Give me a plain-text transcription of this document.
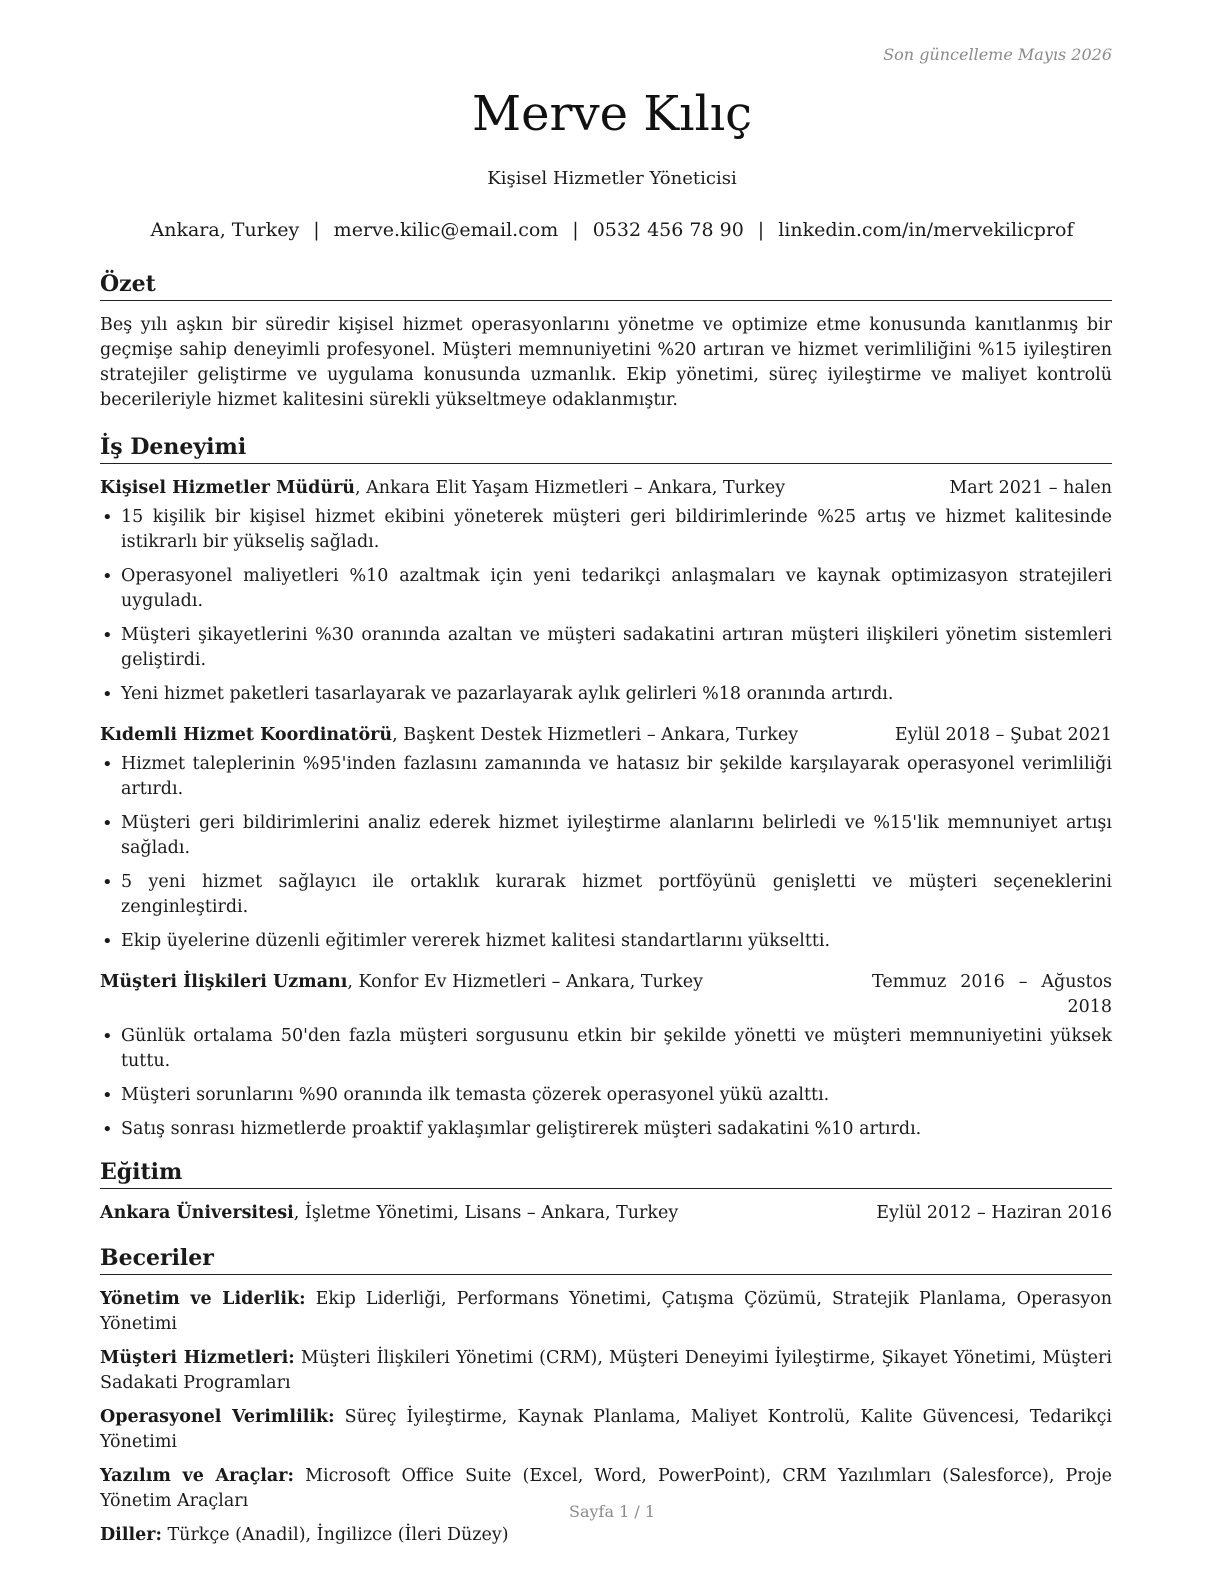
Son güncelleme Mayıs 2026
Merve Kılıç
Kişisel Hizmetler Yöneticisi
Ankara, Turkey | merve.kilic@email.com | 0532 456 78 90 | linkedin.com/in/mervekilicprof
Özet

Beş yılı aşkın bir süredir kişisel hizmet operasyonlarını yönetme ve optimize etme konusunda kanıtlanmış bir geçmişe sahip deneyimli profesyonel. Müşteri memnuniyetini %20 artıran ve hizmet verimliliğini %15 iyileştiren stratejiler geliştirme ve uygulama konusunda uzmanlık. Ekip yönetimi, süreç iyileştirme ve maliyet kontrolü becerileriyle hizmet kalitesini sürekli yükseltmeye odaklanmıştır.

İş Deneyimi
Kişisel Hizmetler Müdürü, Ankara Elit Yaşam Hizmetleri – Ankara, Turkey	Mart 2021 – halen
• 15 kişilik bir kişisel hizmet ekibini yöneterek müşteri geri bildirimlerinde %25 artış ve hizmet kalitesinde istikrarlı bir yükseliş sağladı.
• Operasyonel maliyetleri %10 azaltmak için yeni tedarikçi anlaşmaları ve kaynak optimizasyon stratejileri uyguladı.
• Müşteri şikayetlerini %30 oranında azaltan ve müşteri sadakatini artıran müşteri ilişkileri yönetim sistemleri geliştirdi.
• Yeni hizmet paketleri tasarlayarak ve pazarlayarak aylık gelirleri %18 oranında artırdı.
Kıdemli Hizmet Koordinatörü, Başkent Destek Hizmetleri – Ankara, Turkey	Eylül 2018 – Şubat 2021
• Hizmet taleplerinin %95'inden fazlasını zamanında ve hatasız bir şekilde karşılayarak operasyonel verimliliği artırdı.
• Müşteri geri bildirimlerini analiz ederek hizmet iyileştirme alanlarını belirledi ve %15'lik memnuniyet artışı sağladı.
• 5 yeni hizmet sağlayıcı ile ortaklık kurarak hizmet portföyünü genişletti ve müşteri seçeneklerini zenginleştirdi.
• Ekip üyelerine düzenli eğitimler vererek hizmet kalitesi standartlarını yükseltti.
Müşteri İlişkileri Uzmanı, Konfor Ev Hizmetleri – Ankara, Turkey	Temmuz 2016 – Ağustos 2018
• Günlük ortalama 50'den fazla müşteri sorgusunu etkin bir şekilde yönetti ve müşteri memnuniyetini yüksek tuttu.
• Müşteri sorunlarını %90 oranında ilk temasta çözerek operasyonel yükü azalttı.
• Satış sonrası hizmetlerde proaktif yaklaşımlar geliştirerek müşteri sadakatini %10 artırdı.
Eğitim
Ankara Üniversitesi, İşletme Yönetimi, Lisans – Ankara, Turkey	Eylül 2012 – Haziran 2016
Beceriler
Yönetim ve Liderlik: Ekip Liderliği, Performans Yönetimi, Çatışma Çözümü, Stratejik Planlama, Operasyon Yönetimi
Müşteri Hizmetleri: Müşteri İlişkileri Yönetimi (CRM), Müşteri Deneyimi İyileştirme, Şikayet Yönetimi, Müşteri Sadakati Programları
Operasyonel Verimlilik: Süreç İyileştirme, Kaynak Planlama, Maliyet Kontrolü, Kalite Güvencesi, Tedarikçi Yönetimi
Yazılım ve Araçlar: Microsoft Office Suite (Excel, Word, PowerPoint), CRM Yazılımları (Salesforce), Proje Yönetim Araçları
Diller: Türkçe (Anadil), İngilizce (İleri Düzey)
Sayfa 1 / 1
